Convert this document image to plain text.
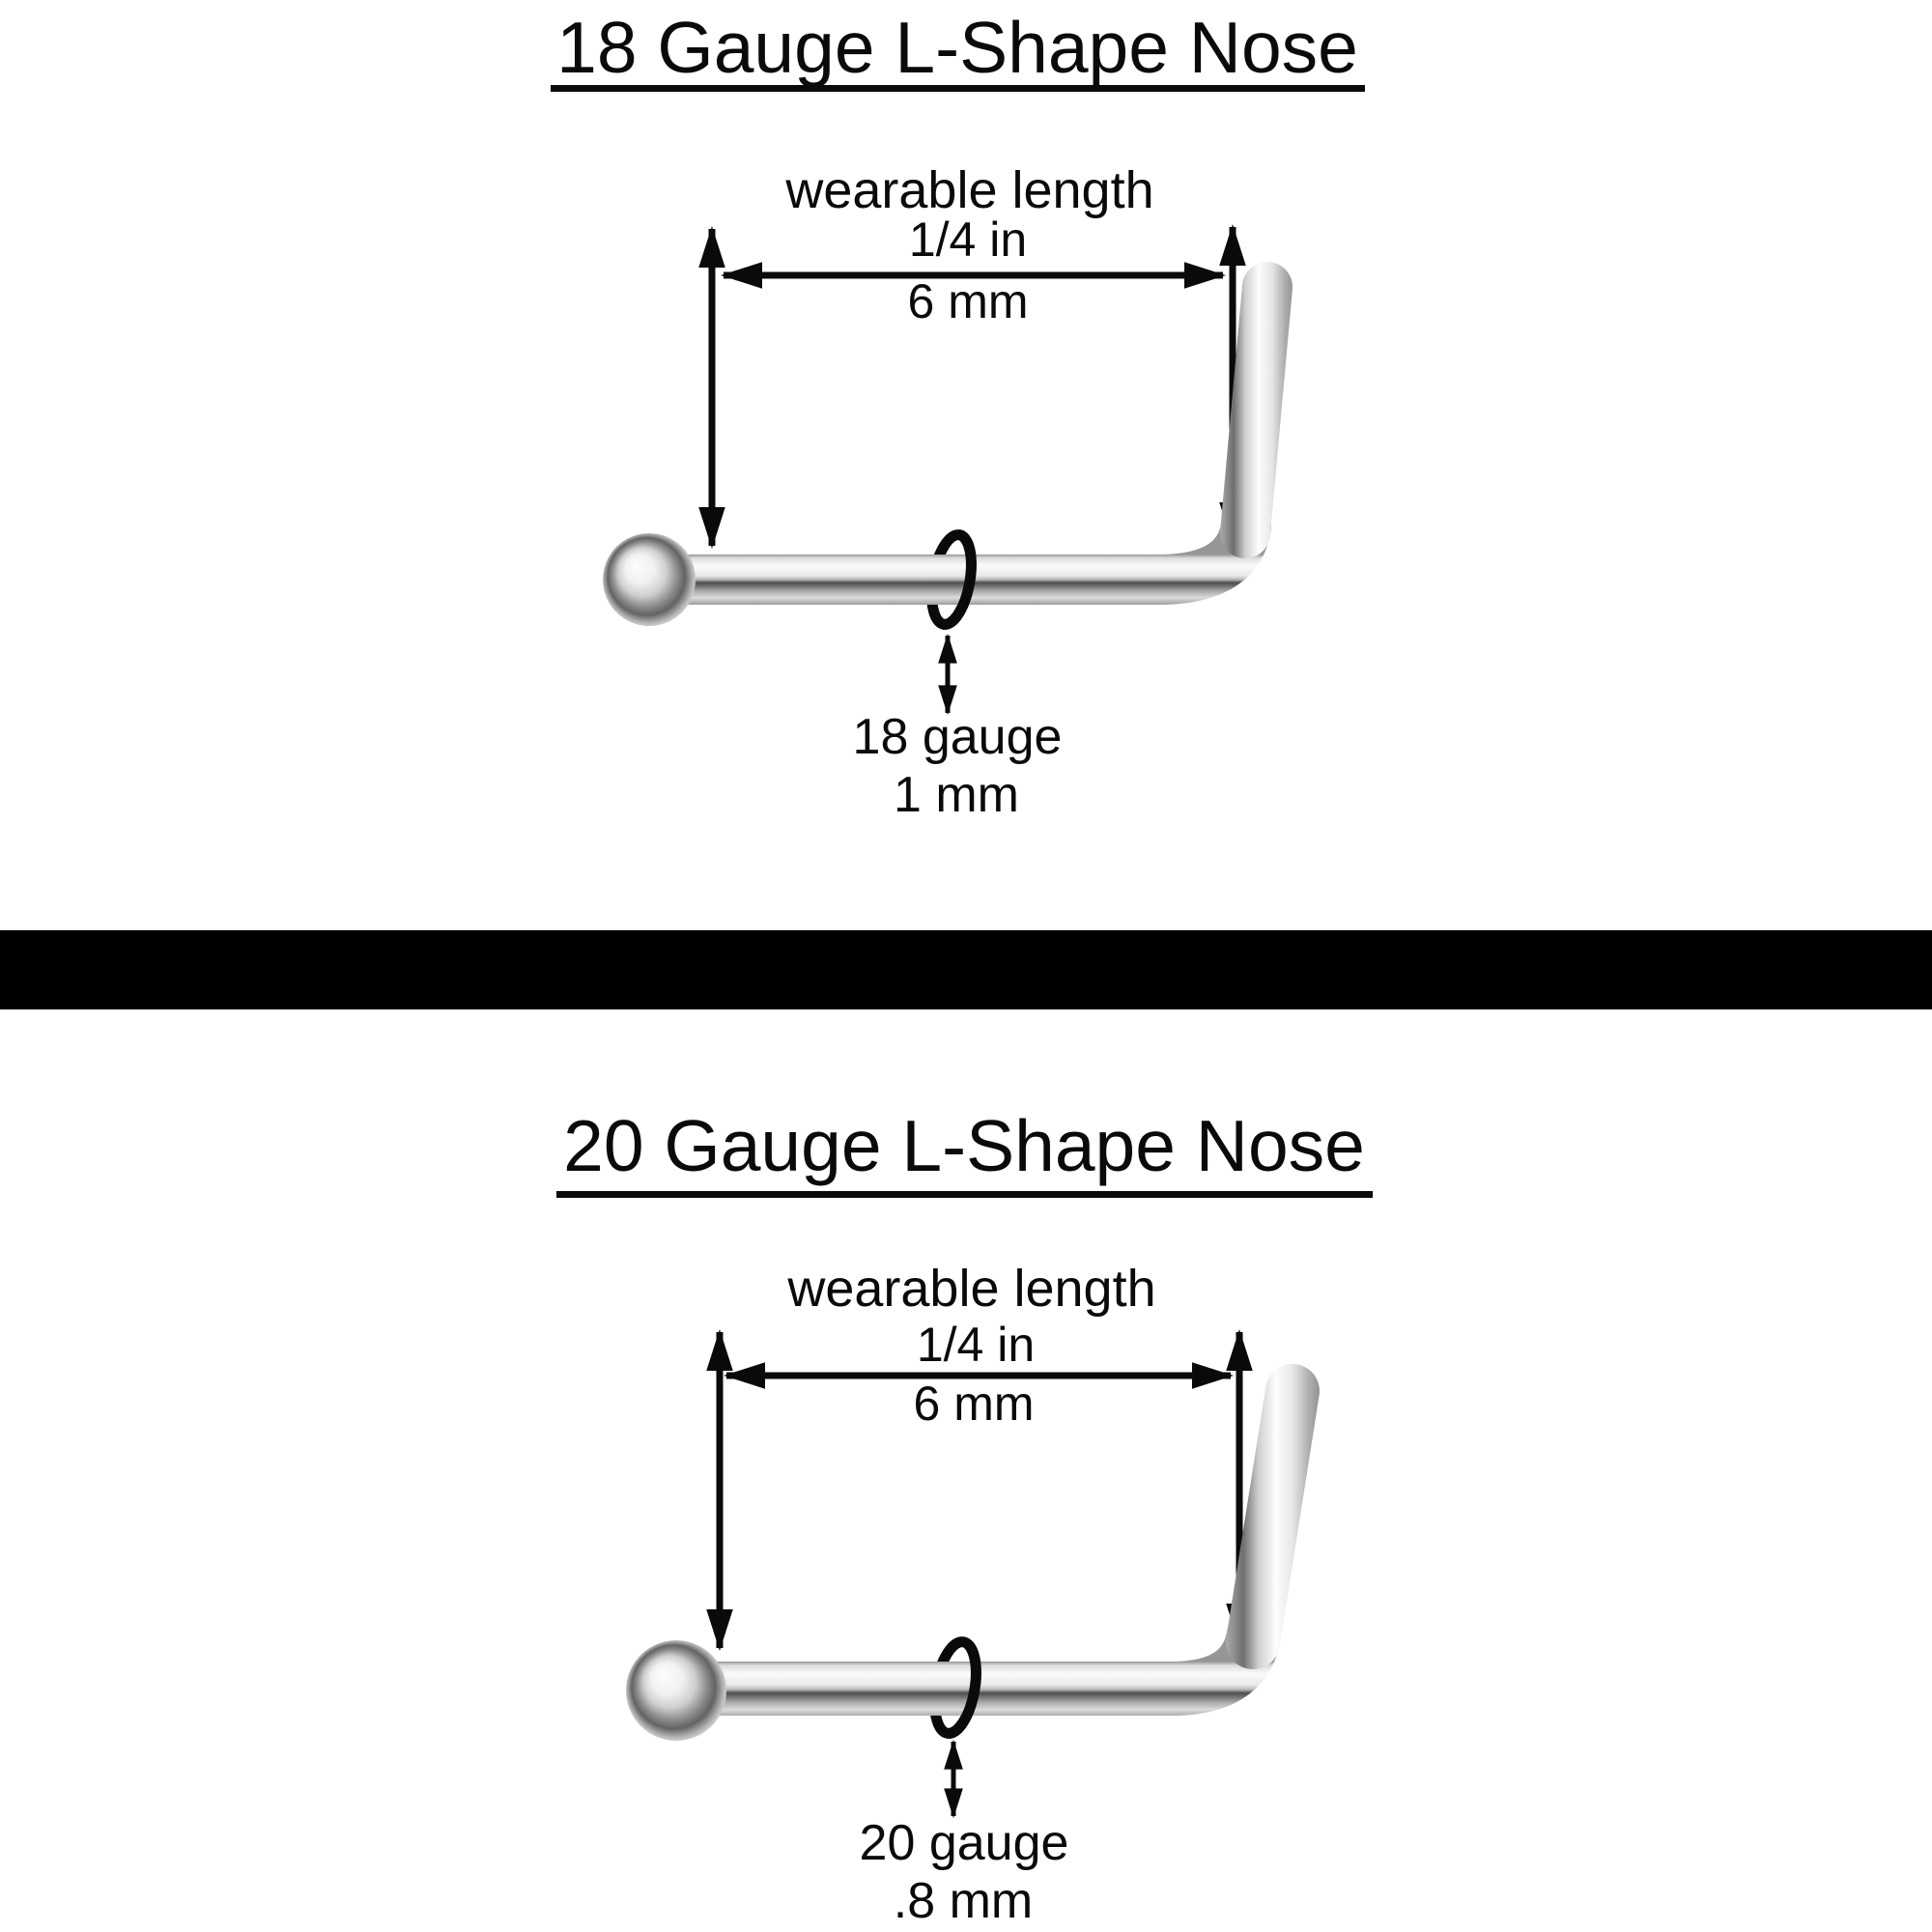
18 Gauge L-Shape Nose
wearable length
1/4 in
6 mm
18 gauge
1 mm
20 Gauge L-Shape Nose
wearable length
1/4 in
6 mm
20 gauge
.8 mm
